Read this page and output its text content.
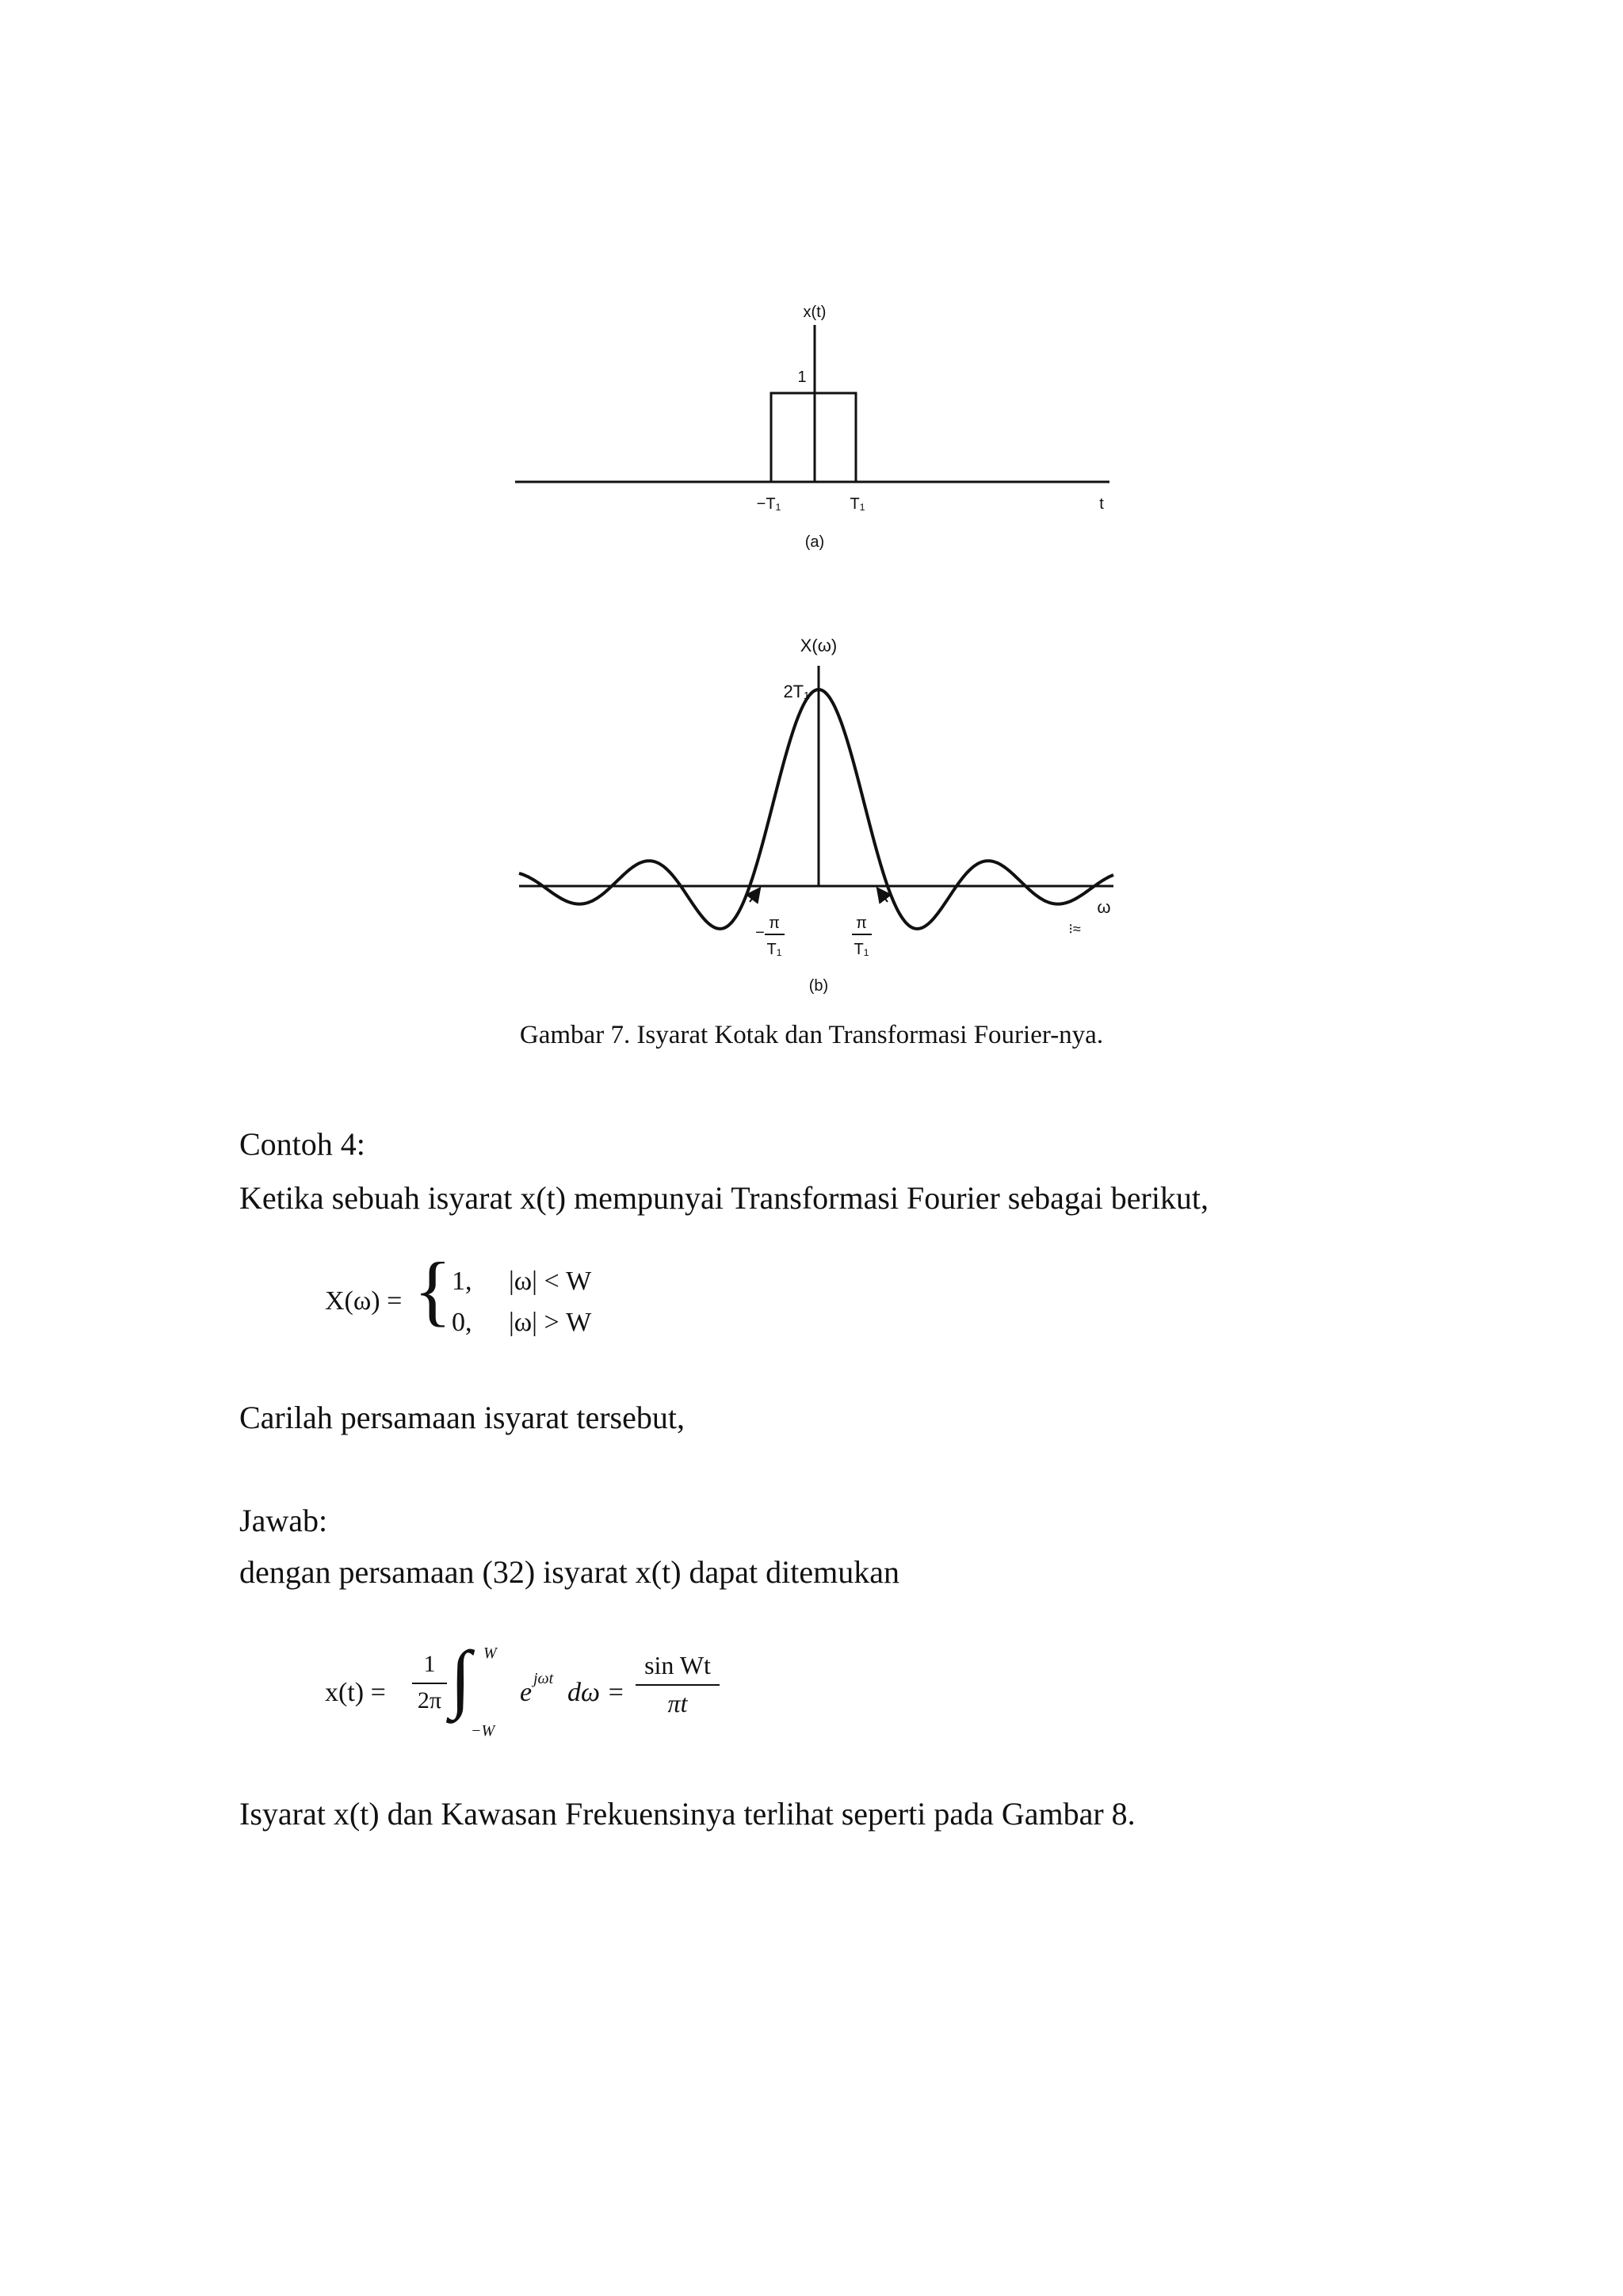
x(t)
1
−T₁	T₁	t
(a)
X(ω)
2T₁
ω
⁝≈
−
π
T₁
π
T₁
(b)
Gambar 7. Isyarat Kotak dan Transformasi Fourier-nya.
Contoh 4:
Ketika sebuah isyarat x(t) mempunyai Transformasi Fourier sebagai berikut,
X(ω) = { 1, |ω| < W
0, |ω| > W
Carilah persamaan isyarat tersebut,
Jawab:
dengan persamaan (32) isyarat x(t) dapat ditemukan
x(t) =
1
2π ∫ W
−W
e jωt dω =
sin Wt
πt
Isyarat x(t) dan Kawasan Frekuensinya terlihat seperti pada Gambar 8.
